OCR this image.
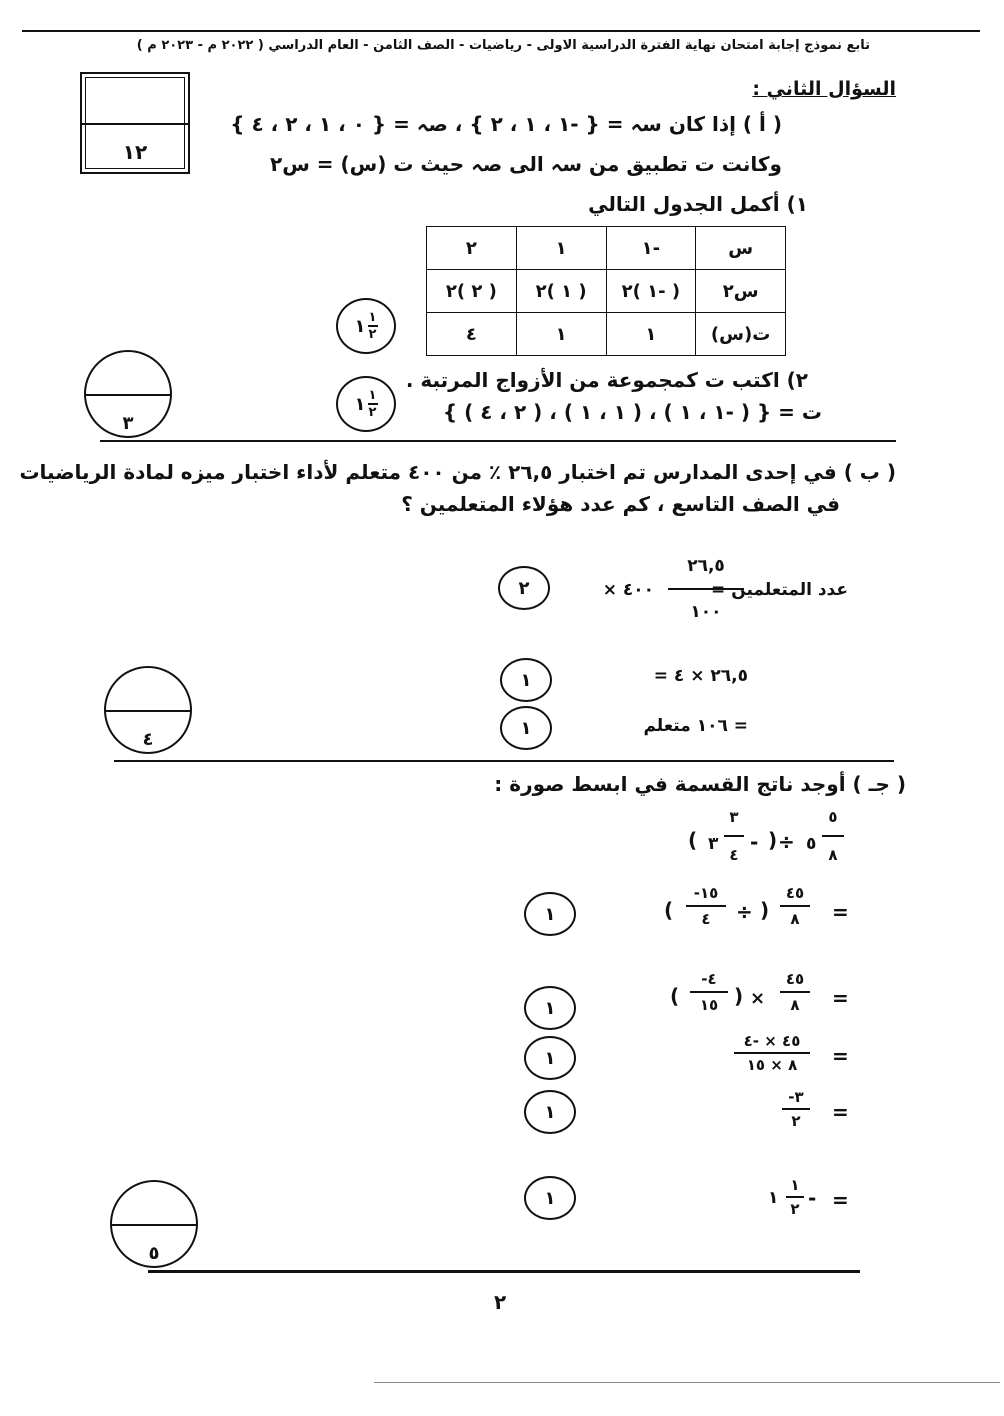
تابع نموذج إجابة امتحان نهاية الفترة الدراسية الاولى - رياضيات - الصف الثامن - العام الدراسي ( ٢٠٢٢ م - ٢٠٢٣ م )
١٢
السؤال الثاني :
( أ ) إذا كان سہ = { -١ ، ١ ، ٢ } ، صہ = { ٠ ، ١ ، ٢ ، ٤ }
وكانت ت تطبيق من سہ الى صہ حيث ت (س) = س٢
١) أكمل الجدول التالي
س	-١	١	٢
س٢	( -١ )٢	( ١ )٢	( ٢ )٢
ت(س)	١	١	٤
١ $\frac{١}{٢}$
٢) اكتب ت كمجموعة من الأزواج المرتبة .
ت = { ( -١ ، ١ ) ، ( ١ ، ١ ) ، ( ٢ ، ٤ ) }
١ $\frac{١}{٢}$
٣
( ب ) في إحدى المدارس تم اختبار ٢٦,٥ ٪ من ٤٠٠ متعلم لأداء اختبار ميزه لمادة الرياضيات
في الصف التاسع ، كم عدد هؤلاء المتعلمين ؟
عدد المتعلمين =
٢٦,٥
١٠٠
× ٤٠٠
٢
= ٢٦,٥ × ٤
١
= ١٠٦ متعلم
١
٤
( جـ ) أوجد ناتج القسمة في ابسط صورة :
٥
٨
٥
÷
)
-
٣
٤
٣
(
=
٤٥
٨
)
÷
-١٥
٤
(
١
=
٤٥
٨
×
)
-٤
١٥
(
١
=
٤٥ × -٤
٨ × ١٥
١
=
-٣
٢
١
=
-
١
٢
١
١
٥
٢
